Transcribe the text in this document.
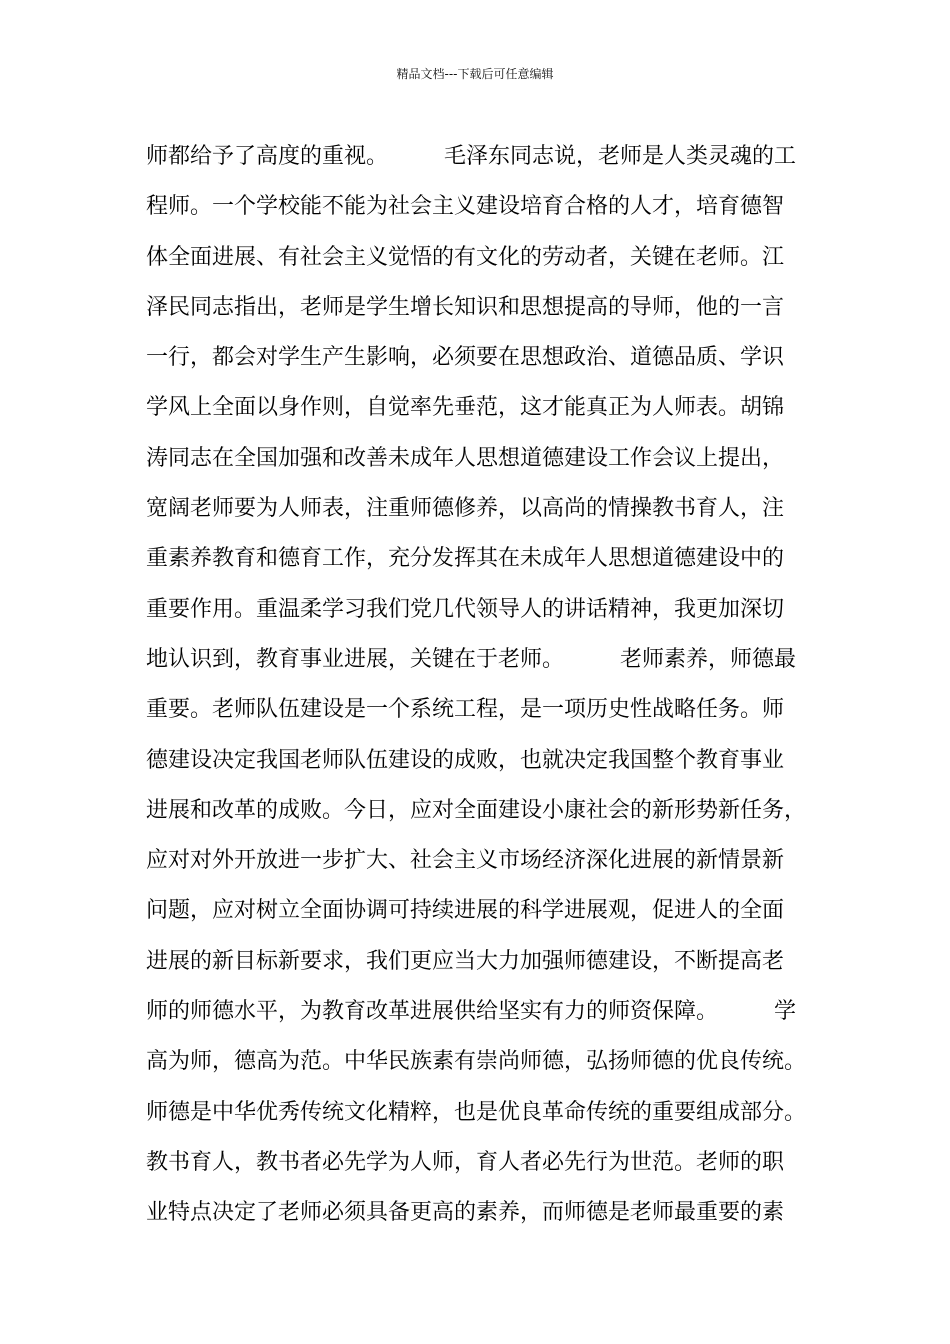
精品文档---下载后可任意编辑
师都给予了高度的重视。        毛泽东同志说，老师是人类灵魂的工
程师。一个学校能不能为社会主义建设培育合格的人才，培育德智
体全面进展、有社会主义觉悟的有文化的劳动者，关键在老师。江
泽民同志指出，老师是学生增长知识和思想提高的导师，他的一言
一行，都会对学生产生影响，必须要在思想政治、道德品质、学识
学风上全面以身作则，自觉率先垂范，这才能真正为人师表。胡锦
涛同志在全国加强和改善未成年人思想道德建设工作会议上提出，
宽阔老师要为人师表，注重师德修养，以高尚的情操教书育人，注
重素养教育和德育工作，充分发挥其在未成年人思想道德建设中的
重要作用。重温柔学习我们党几代领导人的讲话精神，我更加深切
地认识到，教育事业进展，关键在于老师。        老师素养，师德最
重要。老师队伍建设是一个系统工程，是一项历史性战略任务。师
德建设决定我国老师队伍建设的成败，也就决定我国整个教育事业
进展和改革的成败。今日，应对全面建设小康社会的新形势新任务，
应对对外开放进一步扩大、社会主义市场经济深化进展的新情景新
问题，应对树立全面协调可持续进展的科学进展观，促进人的全面
进展的新目标新要求，我们更应当大力加强师德建设，不断提高老
师的师德水平，为教育改革进展供给坚实有力的师资保障。        学
高为师，德高为范。中华民族素有崇尚师德，弘扬师德的优良传统。
师德是中华优秀传统文化精粹，也是优良革命传统的重要组成部分。
教书育人，教书者必先学为人师，育人者必先行为世范。老师的职
业特点决定了老师必须具备更高的素养，而师德是老师最重要的素
